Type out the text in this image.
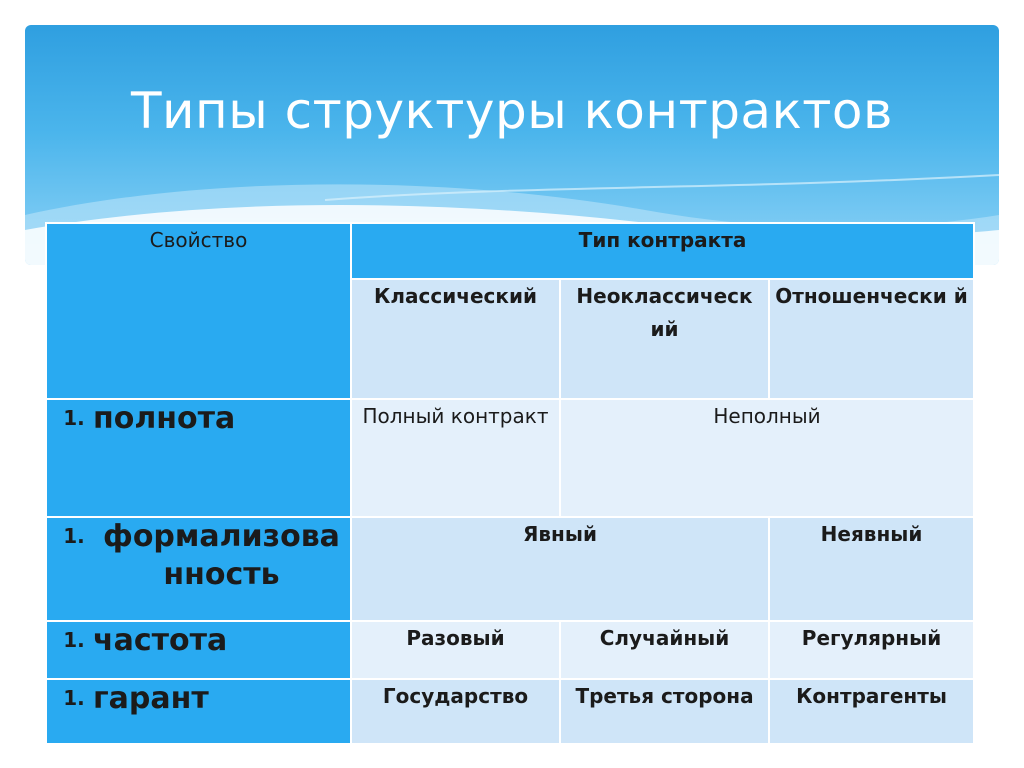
Типы структуры контрактов
Свойство	Тип контракта		
	Классический	Неоклассическ ий	Отношенчески й

1. полнота	Полный контракт	Неполный	

1. формализова нность	Явный		Неявный

1. частота	Разовый	Случайный	Регулярный

1. гарант	Государство	Третья сторона	Контрагенты
